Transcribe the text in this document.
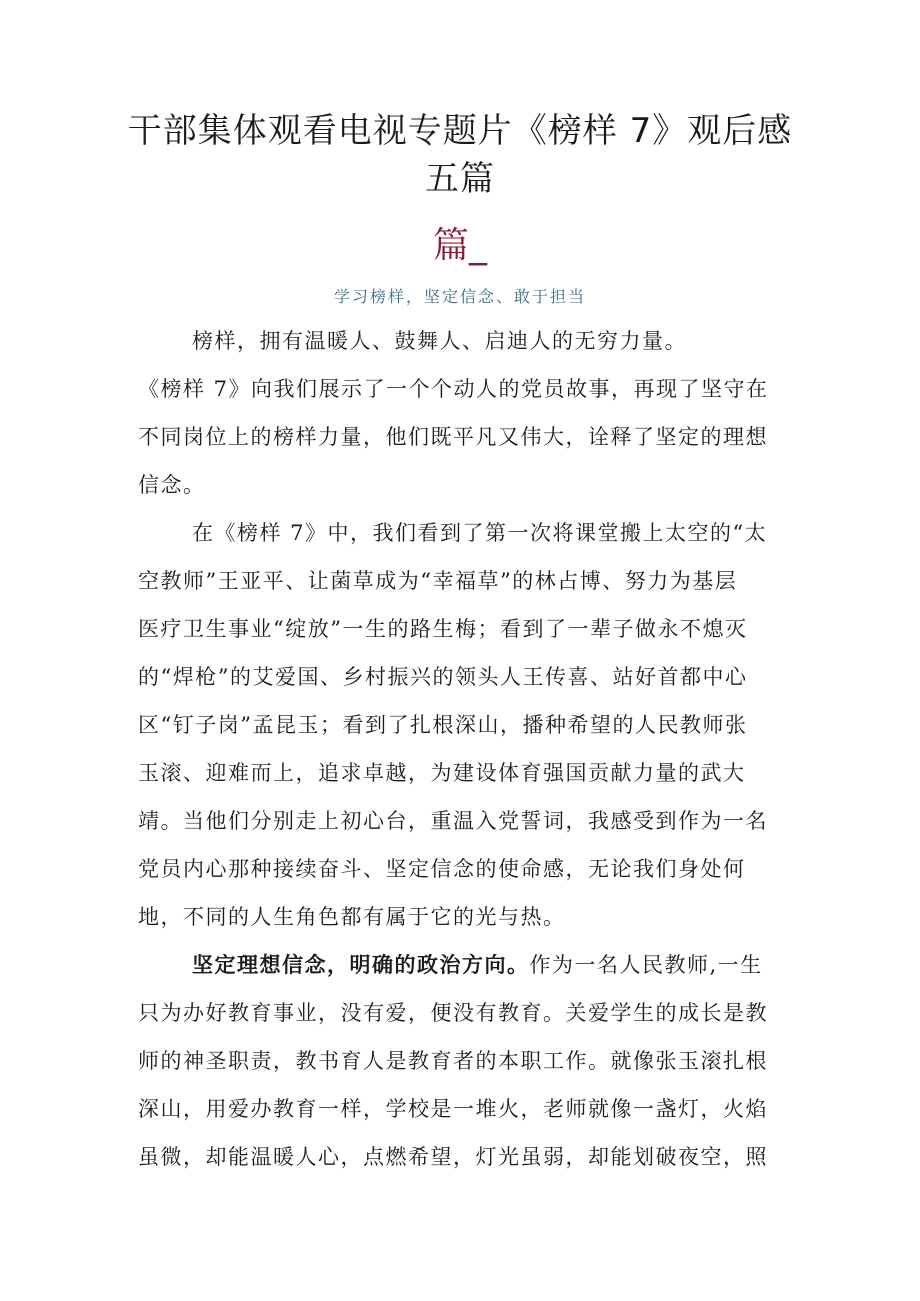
干部集体观看电视专题片《榜样 7》观后感
五篇
篇_
学习榜样，坚定信念、敢于担当
榜样，拥有温暖人、鼓舞人、启迪人的无穷力量。
《榜样 7》向我们展示了一个个动人的党员故事，再现了坚守在
不同岗位上的榜样力量，他们既平凡又伟大，诠释了坚定的理想
信念。
在《榜样 7》中，我们看到了第一次将课堂搬上太空的“太
空教师”王亚平、让菌草成为“幸福草”的林占博、努力为基层
医疗卫生事业“绽放”一生的路生梅；看到了一辈子做永不熄灭
的“焊枪”的艾爱国、乡村振兴的领头人王传喜、站好首都中心
区“钉子岗”孟昆玉；看到了扎根深山，播种希望的人民教师张
玉滚、迎难而上，追求卓越，为建设体育强国贡献力量的武大
靖。当他们分别走上初心台，重温入党誓词，我感受到作为一名
党员内心那种接续奋斗、坚定信念的使命感，无论我们身处何
地，不同的人生角色都有属于它的光与热。
坚定理想信念，明确的政治方向。作为一名人民教师,一生
只为办好教育事业，没有爱，便没有教育。关爱学生的成长是教
师的神圣职责，教书育人是教育者的本职工作。就像张玉滚扎根
深山，用爱办教育一样，学校是一堆火，老师就像一盏灯，火焰
虽微，却能温暖人心，点燃希望，灯光虽弱，却能划破夜空，照
